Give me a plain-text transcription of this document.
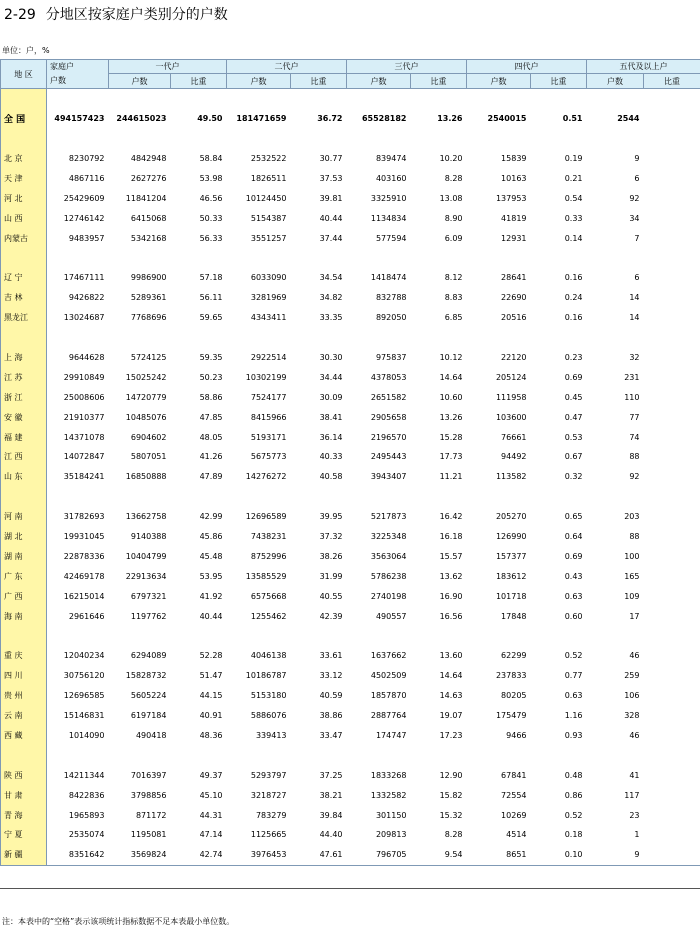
2-29 分地区按家庭户类别分的户数
单位：户，%
地 区	家庭户	一代户		二代户		三代户		四代户		五代及以上户	
	户数	户数	比重	户数	比重	户数	比重	户数	比重	户数	比重

全 国	494157423	244615023	49.50	181471659	36.72	65528182	13.26	2540015	0.51	2544	

北 京	8230792	4842948	58.84	2532522	30.77	839474	10.20	15839	0.19	9	
天 津	4867116	2627276	53.98	1826511	37.53	403160	8.28	10163	0.21	6	
河 北	25429609	11841204	46.56	10124450	39.81	3325910	13.08	137953	0.54	92	
山 西	12746142	6415068	50.33	5154387	40.44	1134834	8.90	41819	0.33	34	
内蒙古	9483957	5342168	56.33	3551257	37.44	577594	6.09	12931	0.14	7	

辽 宁	17467111	9986900	57.18	6033090	34.54	1418474	8.12	28641	0.16	6	
吉 林	9426822	5289361	56.11	3281969	34.82	832788	8.83	22690	0.24	14	
黑龙江	13024687	7768696	59.65	4343411	33.35	892050	6.85	20516	0.16	14	

上 海	9644628	5724125	59.35	2922514	30.30	975837	10.12	22120	0.23	32	
江 苏	29910849	15025242	50.23	10302199	34.44	4378053	14.64	205124	0.69	231	
浙 江	25008606	14720779	58.86	7524177	30.09	2651582	10.60	111958	0.45	110	
安 徽	21910377	10485076	47.85	8415966	38.41	2905658	13.26	103600	0.47	77	
福 建	14371078	6904602	48.05	5193171	36.14	2196570	15.28	76661	0.53	74	
江 西	14072847	5807051	41.26	5675773	40.33	2495443	17.73	94492	0.67	88	
山 东	35184241	16850888	47.89	14276272	40.58	3943407	11.21	113582	0.32	92	

河 南	31782693	13662758	42.99	12696589	39.95	5217873	16.42	205270	0.65	203	
湖 北	19931045	9140388	45.86	7438231	37.32	3225348	16.18	126990	0.64	88	
湖 南	22878336	10404799	45.48	8752996	38.26	3563064	15.57	157377	0.69	100	
广 东	42469178	22913634	53.95	13585529	31.99	5786238	13.62	183612	0.43	165	
广 西	16215014	6797321	41.92	6575668	40.55	2740198	16.90	101718	0.63	109	
海 南	2961646	1197762	40.44	1255462	42.39	490557	16.56	17848	0.60	17	

重 庆	12040234	6294089	52.28	4046138	33.61	1637662	13.60	62299	0.52	46	
四 川	30756120	15828732	51.47	10186787	33.12	4502509	14.64	237833	0.77	259	
贵 州	12696585	5605224	44.15	5153180	40.59	1857870	14.63	80205	0.63	106	
云 南	15146831	6197184	40.91	5886076	38.86	2887764	19.07	175479	1.16	328	
西 藏	1014090	490418	48.36	339413	33.47	174747	17.23	9466	0.93	46	

陕 西	14211344	7016397	49.37	5293797	37.25	1833268	12.90	67841	0.48	41	
甘 肃	8422836	3798856	45.10	3218727	38.21	1332582	15.82	72554	0.86	117	
青 海	1965893	871172	44.31	783279	39.84	301150	15.32	10269	0.52	23	
宁 夏	2535074	1195081	47.14	1125665	44.40	209813	8.28	4514	0.18	1	
新 疆	8351642	3569824	42.74	3976453	47.61	796705	9.54	8651	0.10	9	
注：本表中的“空格”表示该项统计指标数据不足本表最小单位数。
